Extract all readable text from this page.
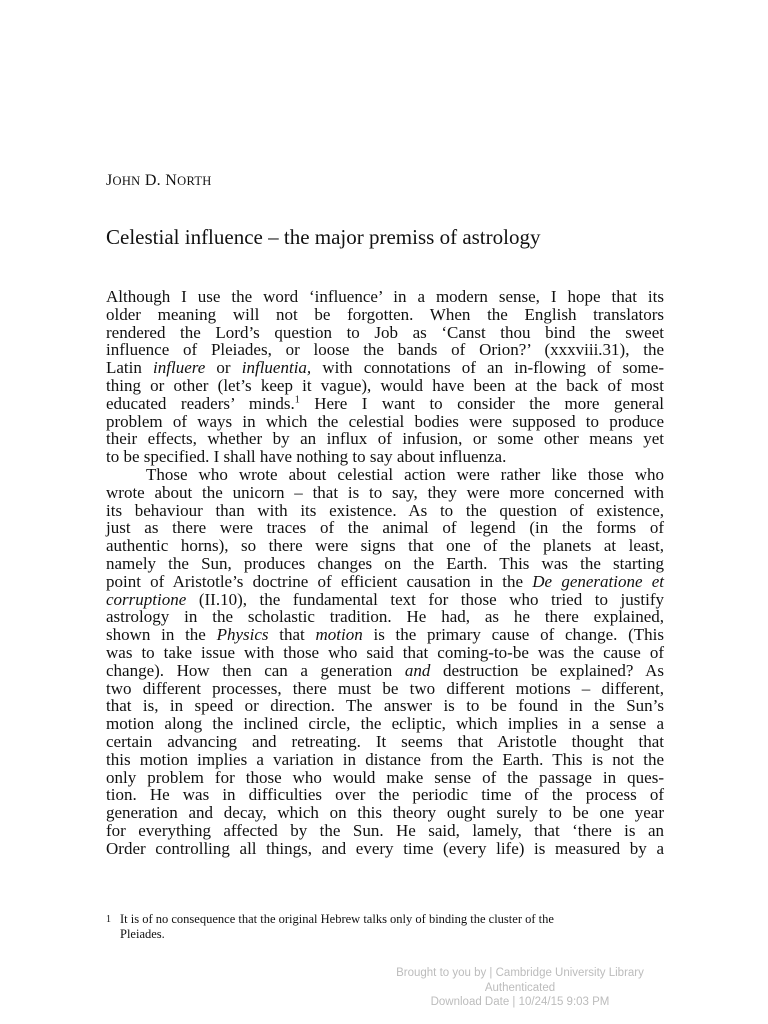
JOHN D. NORTH
Celestial influence – the major premiss of astrology
Although I use the word ‘influence’ in a modern sense, I hope that its
older meaning will not be forgotten. When the English translators
rendered the Lord’s question to Job as ‘Canst thou bind the sweet
influence of Pleiades, or loose the bands of Orion?’ (xxxviii.31), the
Latin influere or influentia, with connotations of an in-flowing of some-
thing or other (let’s keep it vague), would have been at the back of most
educated readers’ minds.$^1$ Here I want to consider the more general
problem of ways in which the celestial bodies were supposed to produce
their effects, whether by an influx of infusion, or some other means yet
to be specified. I shall have nothing to say about influenza.
Those who wrote about celestial action were rather like those who
wrote about the unicorn – that is to say, they were more concerned with
its behaviour than with its existence. As to the question of existence,
just as there were traces of the animal of legend (in the forms of
authentic horns), so there were signs that one of the planets at least,
namely the Sun, produces changes on the Earth. This was the starting
point of Aristotle’s doctrine of efficient causation in the De generatione et
corruptione (II.10), the fundamental text for those who tried to justify
astrology in the scholastic tradition. He had, as he there explained,
shown in the Physics that motion is the primary cause of change. (This
was to take issue with those who said that coming-to-be was the cause of
change). How then can a generation and destruction be explained? As
two different processes, there must be two different motions – different,
that is, in speed or direction. The answer is to be found in the Sun’s
motion along the inclined circle, the ecliptic, which implies in a sense a
certain advancing and retreating. It seems that Aristotle thought that
this motion implies a variation in distance from the Earth. This is not the
only problem for those who would make sense of the passage in ques-
tion. He was in difficulties over the periodic time of the process of
generation and decay, which on this theory ought surely to be one year
for everything affected by the Sun. He said, lamely, that ‘there is an
Order controlling all things, and every time (every life) is measured by a
1 It is of no consequence that the original Hebrew talks only of binding the cluster of the
Pleiades.
Brought to you by | Cambridge University Library
Authenticated
Download Date | 10/24/15 9:03 PM
